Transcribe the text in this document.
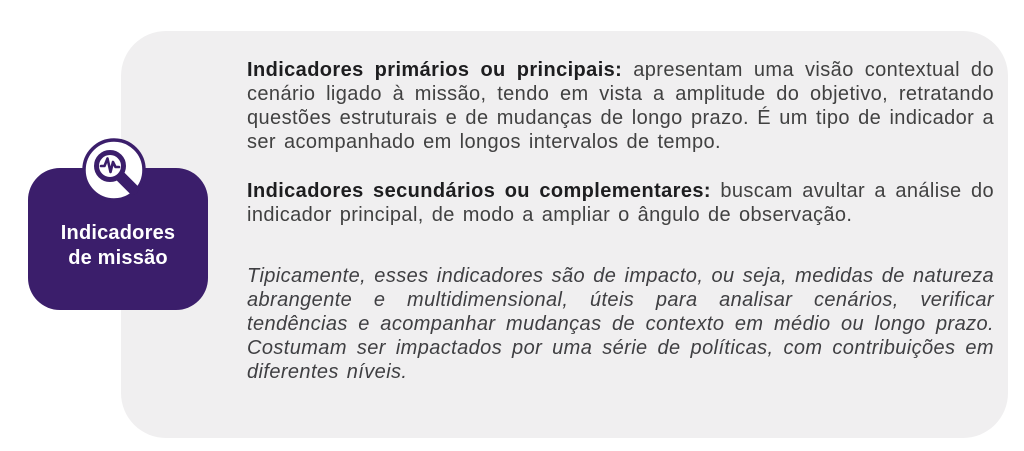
Indicadores primários ou principais: apresentam uma visão contextual do cenário ligado à missão, tendo em vista a amplitude do objetivo, retratando questões estruturais e de mudanças de longo prazo. É um tipo de indicador a ser acompanhado em longos intervalos de tempo.

Indicadores secundários ou complementares: buscam avultar a análise do indicador principal, de modo a ampliar o ângulo de observação.

Tipicamente, esses indicadores são de impacto, ou seja, medidas de natureza abrangente e multidimensional, úteis para analisar cenários, verificar tendências e acompanhar mudanças de contexto em médio ou longo prazo. Costumam ser impactados por uma série de políticas, com contribuições em diferentes níveis.

Indicadores
de missão
